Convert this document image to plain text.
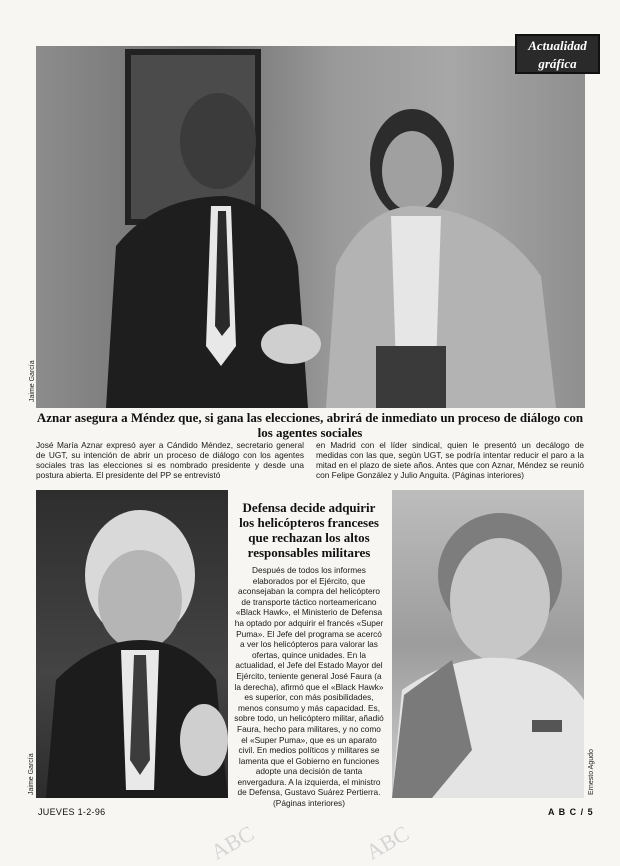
Jaime García
Actualidad
gráfica
Aznar asegura a Méndez que, si gana las elecciones, abrirá de inmediato un proceso de diálogo con los agentes sociales
José María Aznar expresó ayer a Cándido Méndez, secretario general de UGT, su intención de abrir un proceso de diálogo con los agentes sociales tras las elecciones si es nombrado presidente y desde una postura abierta. El presidente del PP se entrevistó
en Madrid con el líder sindical, quien le presentó un decálogo de medidas con las que, según UGT, se podría intentar reducir el paro a la mitad en el plazo de siete años. Antes que con Aznar, Méndez se reunió con Felipe González y Julio Anguita. (Páginas interiores)
Jaime García
Defensa decide adquirir los helicópteros franceses que rechazan los altos responsables militares
Después de todos los informes elaborados por el Ejército, que aconsejaban la compra del helicóptero de transporte táctico norteamericano «Black Hawk», el Ministerio de Defensa ha optado por adquirir el francés «Super Puma». El Jefe del programa se acercó a ver los helicópteros para valorar las ofertas, quince unidades. En la actualidad, el Jefe del Estado Mayor del Ejército, teniente general José Faura (a la derecha), afirmó que el «Black Hawk» es superior, con más posibilidades, menos consumo y más capacidad. Es, sobre todo, un helicóptero militar, añadió Faura, hecho para militares, y no como el «Super Puma», que es un aparato civil. En medios políticos y militares se lamenta que el Gobierno en funciones adopte una decisión de tanta envergadura. A la izquierda, el ministro de Defensa, Gustavo Suárez Pertierra. (Páginas interiores)
Ernesto Agudo
JUEVES 1-2-96	A B C / 5
ABC	ABC
